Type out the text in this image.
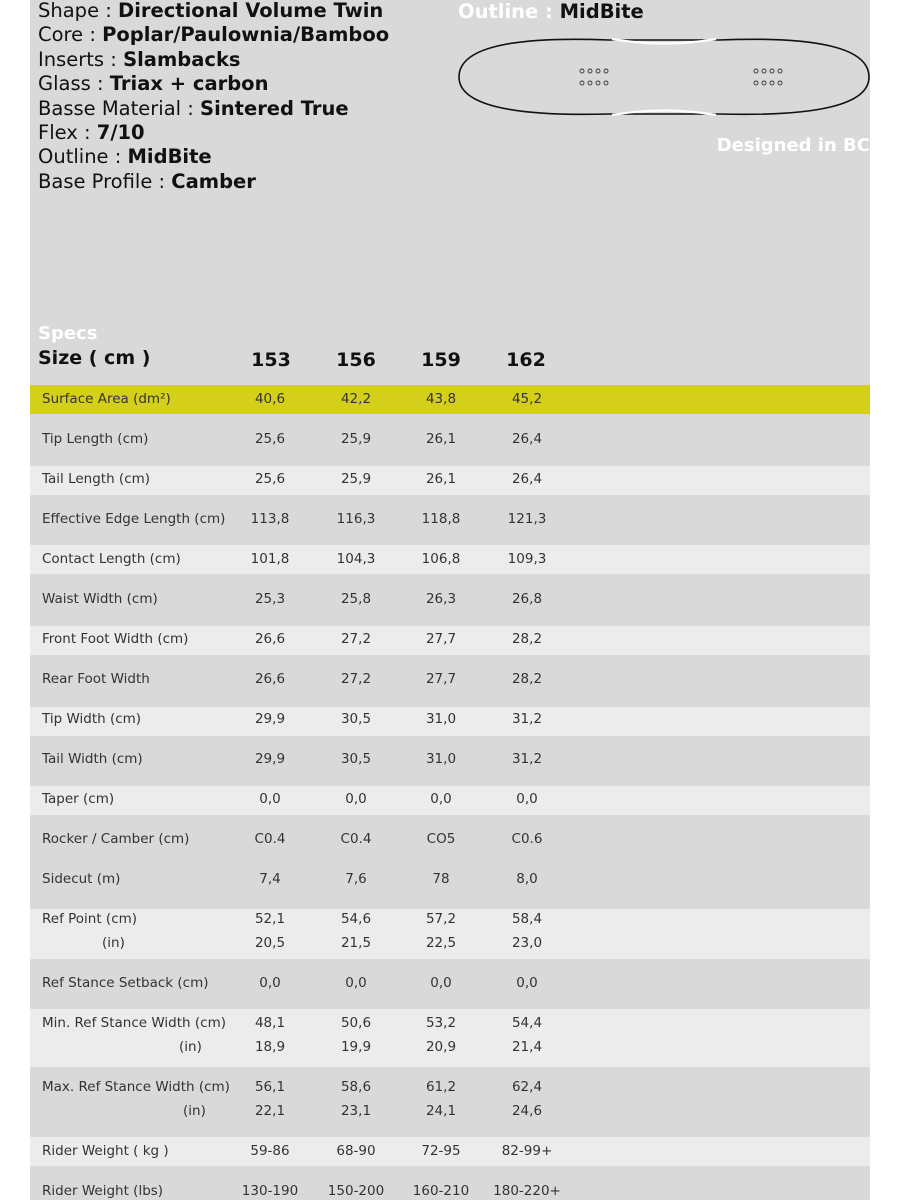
Shape : Directional Volume Twin
Core : Poplar/Paulownia/Bamboo
Inserts : Slambacks
Glass : Triax + carbon
Basse Material : Sintered True
Flex : 7/10
Outline : MidBite
Base Profile : Camber
Outline : MidBite
Designed in BC
Specs
Size ( cm )	153	156	159	162
Surface Area (dm²)	40,6	42,2	43,8	45,2
Tip Length (cm)	25,6	25,9	26,1	26,4
Tail Length (cm)	25,6	25,9	26,1	26,4
Effective Edge Length (cm)	113,8	116,3	118,8	121,3
Contact Length (cm)	101,8	104,3	106,8	109,3
Waist Width (cm)	25,3	25,8	26,3	26,8
Front Foot Width (cm)	26,6	27,2	27,7	28,2
Rear Foot Width	26,6	27,2	27,7	28,2
Tip Width (cm)	29,9	30,5	31,0	31,2
Tail Width (cm)	29,9	30,5	31,0	31,2
Taper (cm)	0,0	0,0	0,0	0,0
Rocker / Camber (cm)	C0.4	C0.4	CO5	C0.6
Sidecut (m)	7,4	7,6	78	8,0
Ref Point (cm)	52,1	54,6	57,2	58,4
(in)	20,5	21,5	22,5	23,0
Ref Stance Setback (cm)	0,0	0,0	0,0	0,0
Min. Ref Stance Width (cm)	48,1	50,6	53,2	54,4
(in)	18,9	19,9	20,9	21,4
Max. Ref Stance Width (cm)	56,1	58,6	61,2	62,4
(in)	22,1	23,1	24,1	24,6
Rider Weight ( kg )	59-86	68-90	72-95	82-99+
Rider Weight (lbs)	130-190	150-200	160-210	180-220+
